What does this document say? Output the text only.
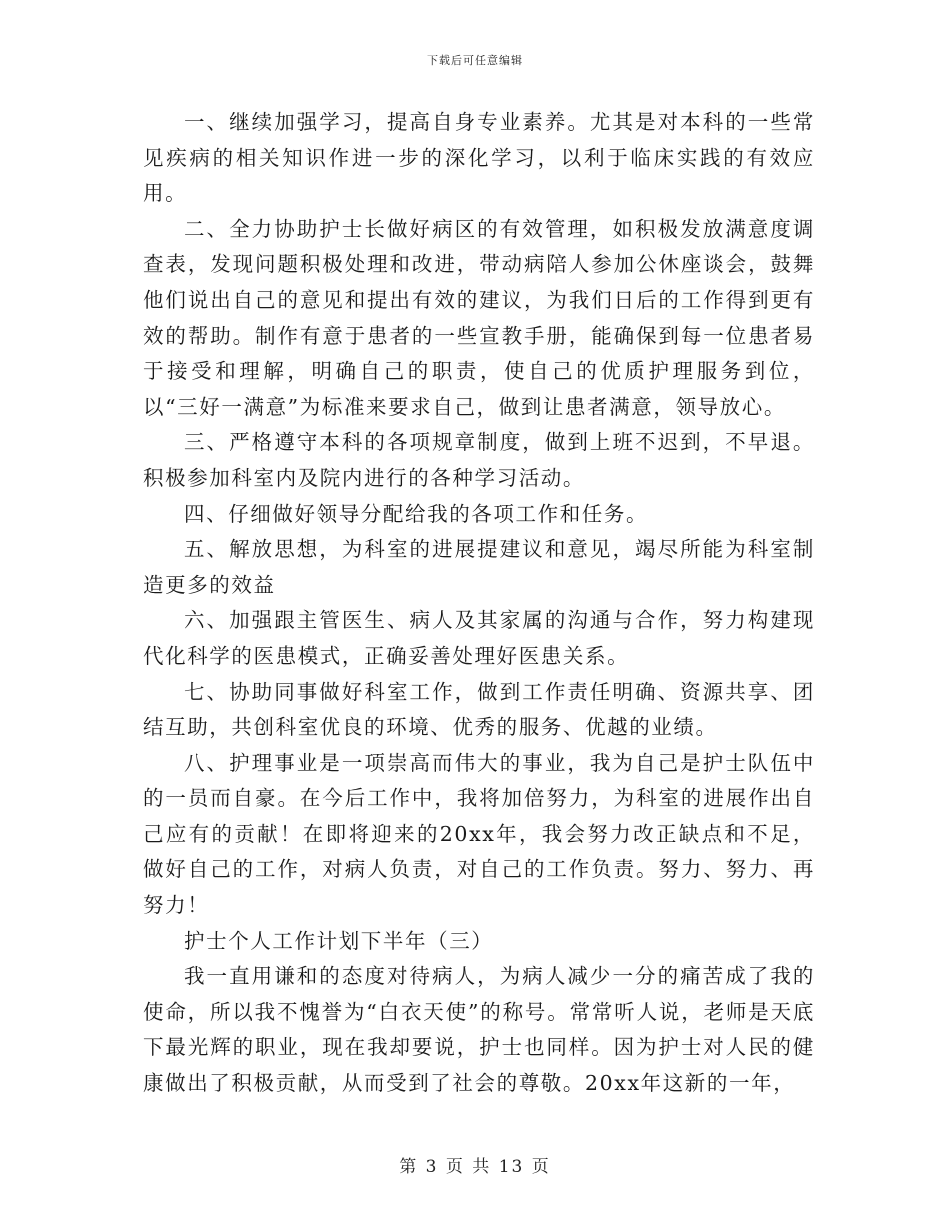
下载后可任意编辑

一、继续加强学习，提高自身专业素养。尤其是对本科的一些常见疾病的相关知识作进一步的深化学习，以利于临床实践的有效应用。

二、全力协助护士长做好病区的有效管理，如积极发放满意度调查表，发现问题积极处理和改进，带动病陪人参加公休座谈会，鼓舞他们说出自己的意见和提出有效的建议，为我们日后的工作得到更有效的帮助。制作有意于患者的一些宣教手册，能确保到每一位患者易于接受和理解，明确自己的职责，使自己的优质护理服务到位，以“三好一满意”为标准来要求自己，做到让患者满意，领导放心。

三、严格遵守本科的各项规章制度，做到上班不迟到，不早退。积极参加科室内及院内进行的各种学习活动。

四、仔细做好领导分配给我的各项工作和任务。

五、解放思想，为科室的进展提建议和意见，竭尽所能为科室制造更多的效益

六、加强跟主管医生、病人及其家属的沟通与合作，努力构建现代化科学的医患模式，正确妥善处理好医患关系。

七、协助同事做好科室工作，做到工作责任明确、资源共享、团结互助，共创科室优良的环境、优秀的服务、优越的业绩。

八、护理事业是一项崇高而伟大的事业，我为自己是护士队伍中的一员而自豪。在今后工作中，我将加倍努力，为科室的进展作出自己应有的贡献！在即将迎来的20xx年，我会努力改正缺点和不足，做好自己的工作，对病人负责，对自己的工作负责。努力、努力、再努力！

护士个人工作计划下半年（三）

我一直用谦和的态度对待病人，为病人减少一分的痛苦成了我的使命，所以我不愧誉为“白衣天使”的称号。常常听人说，老师是天底下最光辉的职业，现在我却要说，护士也同样。因为护士对人民的健康做出了积极贡献，从而受到了社会的尊敬。20xx年这新的一年，

第 3 页 共 13 页
